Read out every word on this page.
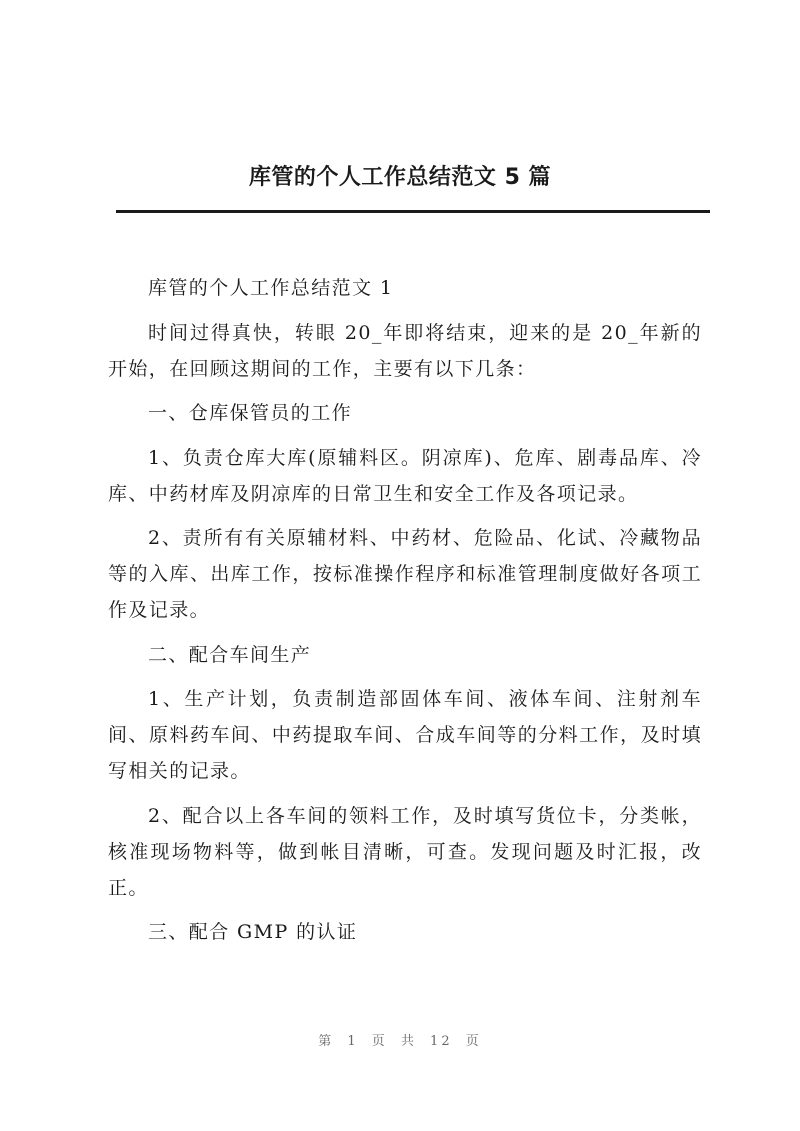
库管的个人工作总结范文 5 篇

库管的个人工作总结范文 1

时间过得真快，转眼 20_年即将结束，迎来的是 20_年新的开始，在回顾这期间的工作，主要有以下几条：

一、仓库保管员的工作

1、负责仓库大库(原辅料区。阴凉库)、危库、剧毒品库、冷库、中药材库及阴凉库的日常卫生和安全工作及各项记录。

2、责所有有关原辅材料、中药材、危险品、化试、冷藏物品等的入库、出库工作，按标准操作程序和标准管理制度做好各项工作及记录。

二、配合车间生产

1、生产计划，负责制造部固体车间、液体车间、注射剂车间、原料药车间、中药提取车间、合成车间等的分料工作，及时填写相关的记录。

2、配合以上各车间的领料工作，及时填写货位卡，分类帐，核准现场物料等，做到帐目清晰，可查。发现问题及时汇报，改正。

三、配合 GMP 的认证

第 1 页 共 12 页
